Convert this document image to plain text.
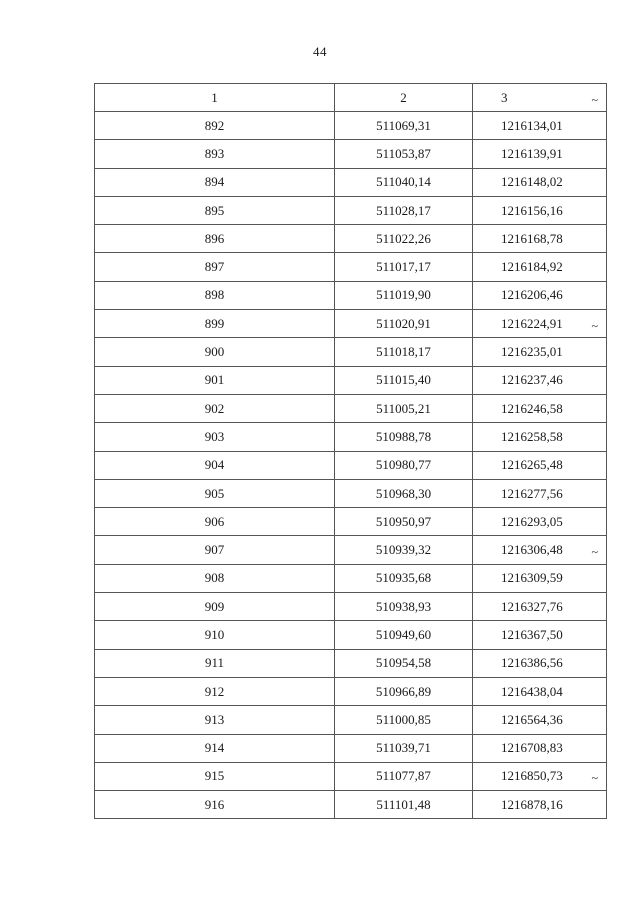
44
1	2	3 ~

892	511069,31	1216134,01
893	511053,87	1216139,91
894	511040,14	1216148,02
895	511028,17	1216156,16
896	511022,26	1216168,78
897	511017,17	1216184,92
898	511019,90	1216206,46
899	511020,91	1216224,91 ~

900	511018,17	1216235,01
901	511015,40	1216237,46
902	511005,21	1216246,58
903	510988,78	1216258,58
904	510980,77	1216265,48
905	510968,30	1216277,56
906	510950,97	1216293,05
907	510939,32	1216306,48 ~

908	510935,68	1216309,59
909	510938,93	1216327,76
910	510949,60	1216367,50
911	510954,58	1216386,56
912	510966,89	1216438,04
913	511000,85	1216564,36
914	511039,71	1216708,83
915	511077,87	1216850,73 ~

916	511101,48	1216878,16
